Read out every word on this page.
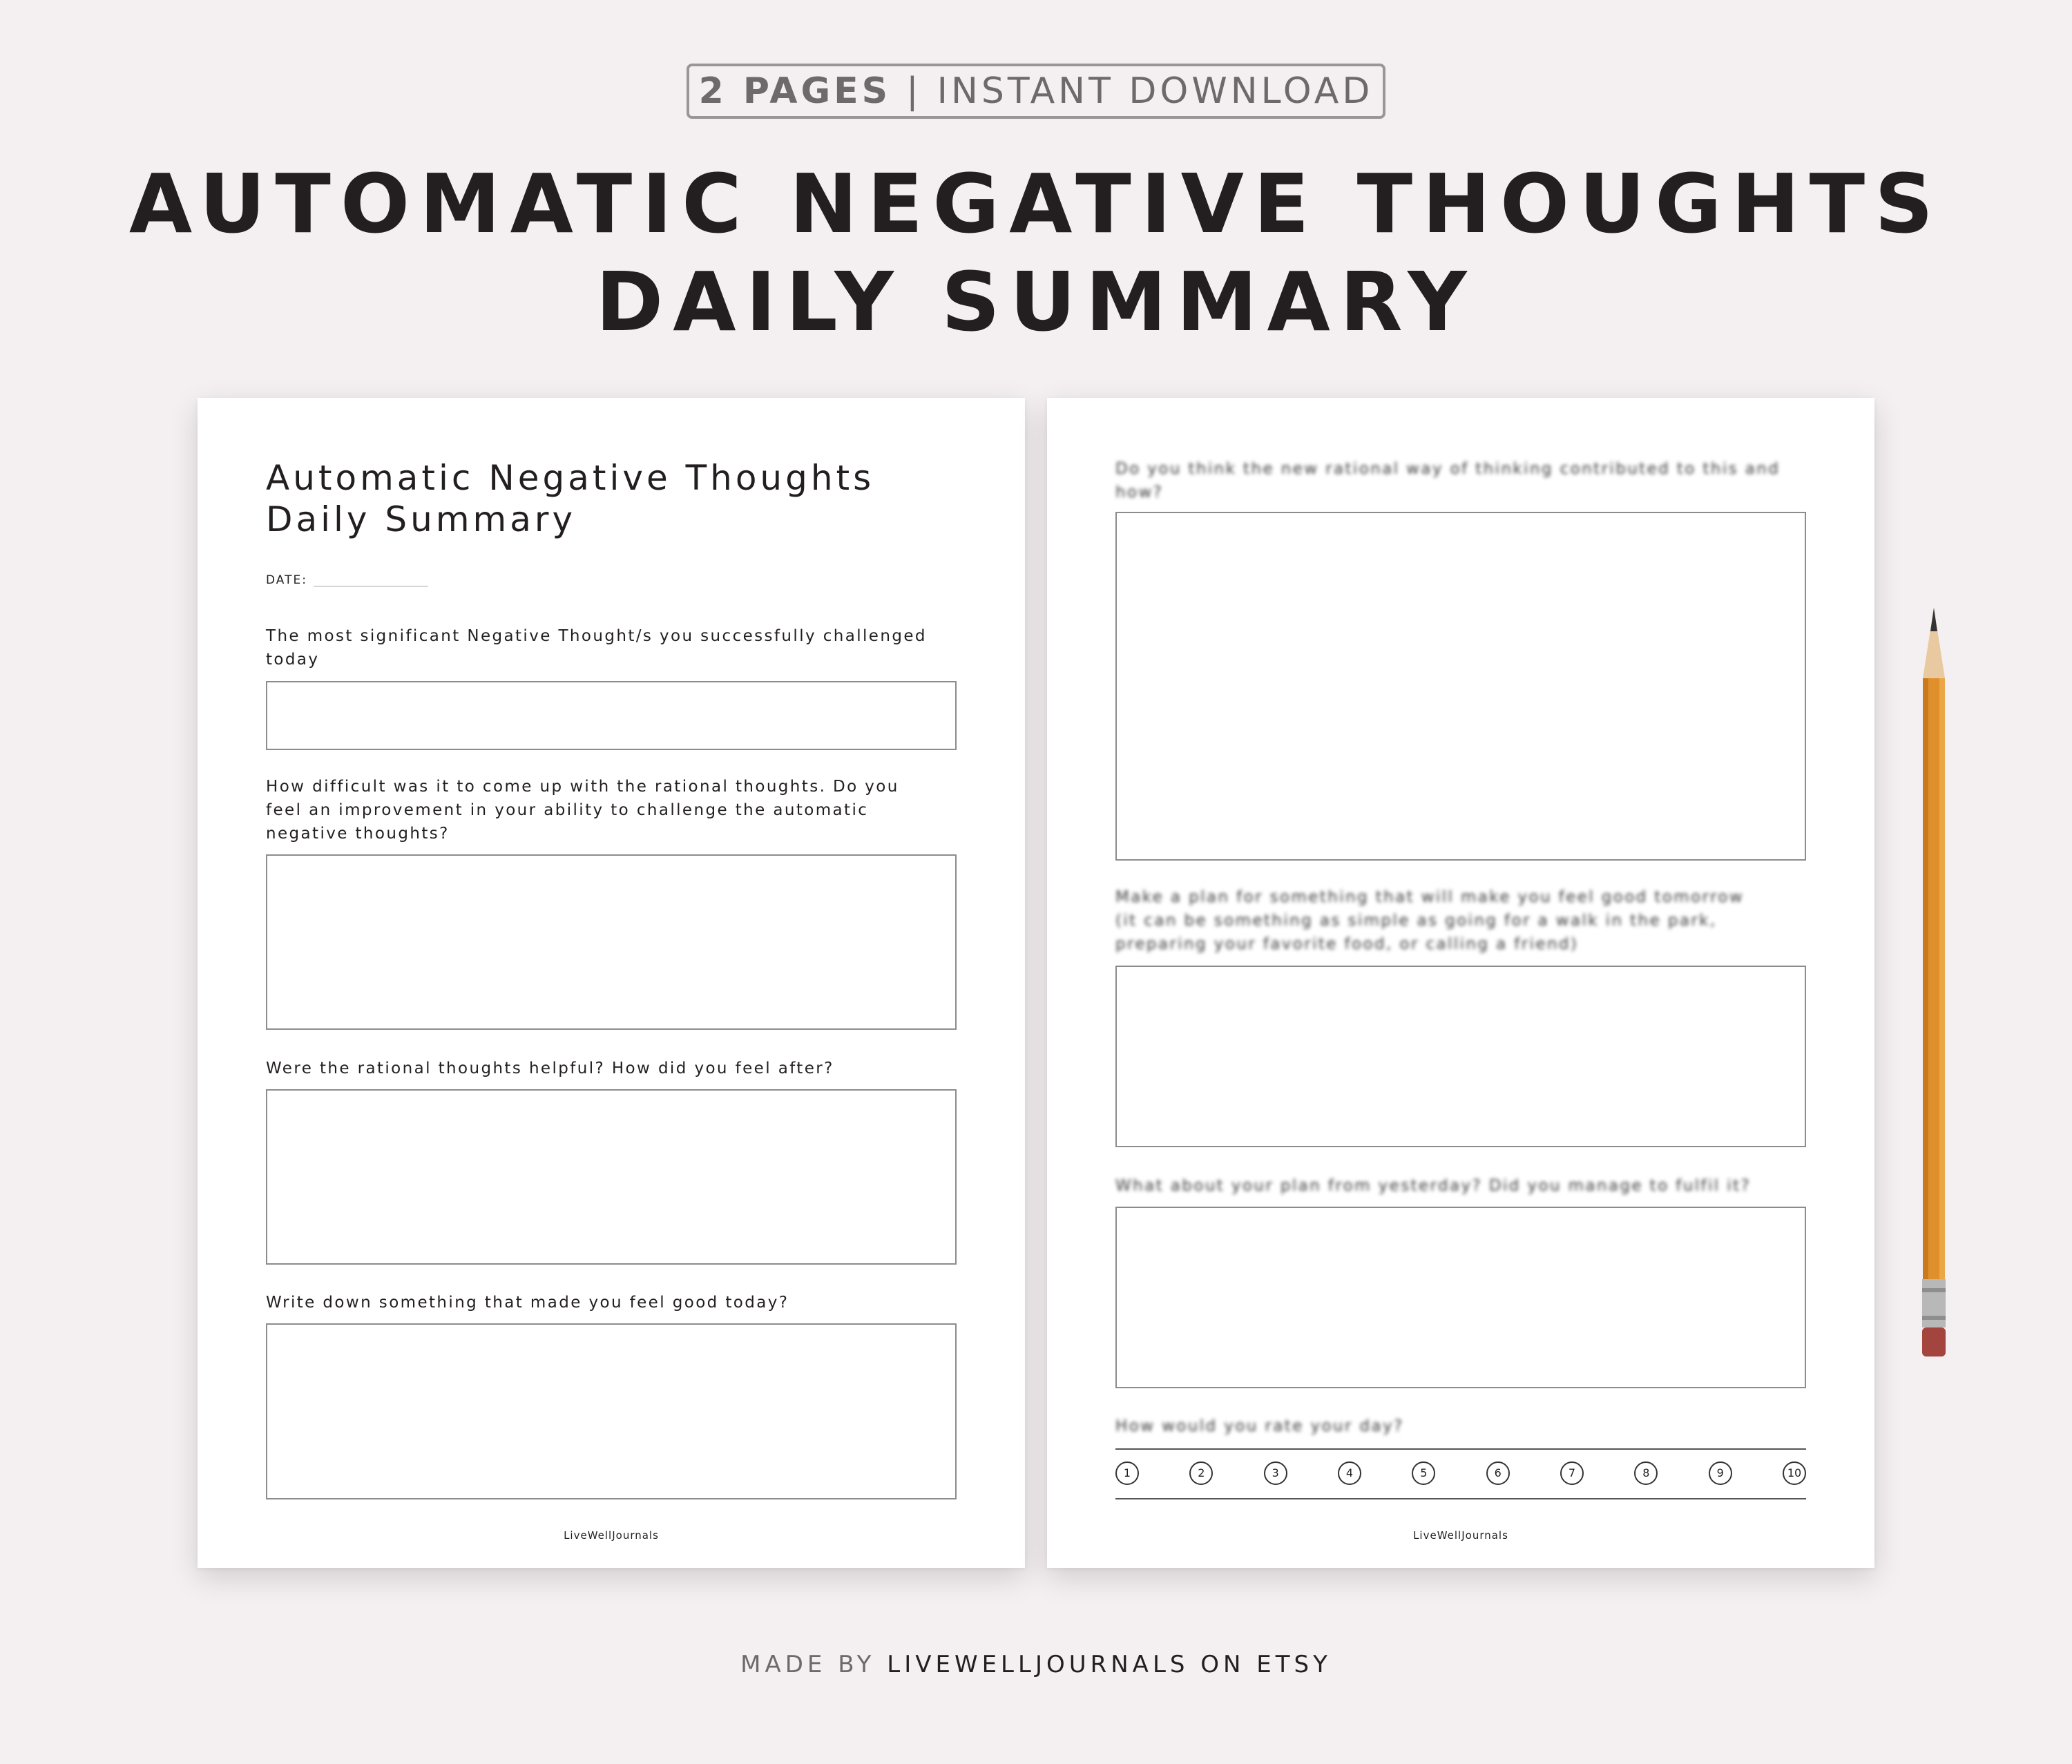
2 PAGES | INSTANT DOWNLOAD
AUTOMATIC NEGATIVE THOUGHTS
DAILY SUMMARY
Automatic Negative Thoughts
Daily Summary
DATE:
The most significant Negative Thought/s you successfully challenged
today
How difficult was it to come up with the rational thoughts. Do you
feel an improvement in your ability to challenge the automatic
negative thoughts?
Were the rational thoughts helpful? How did you feel after?
Write down something that made you feel good today?
LiveWellJournals
Do you think the new rational way of thinking contributed to this and
how?
Make a plan for something that will make you feel good tomorrow
(it can be something as simple as going for a walk in the park,
preparing your favorite food, or calling a friend)
What about your plan from yesterday? Did you manage to fulfil it?
How would you rate your day?
1	2	3	4	5	6	7	8	9	10
LiveWellJournals
MADE BY LIVEWELLJOURNALS ON ETSY
